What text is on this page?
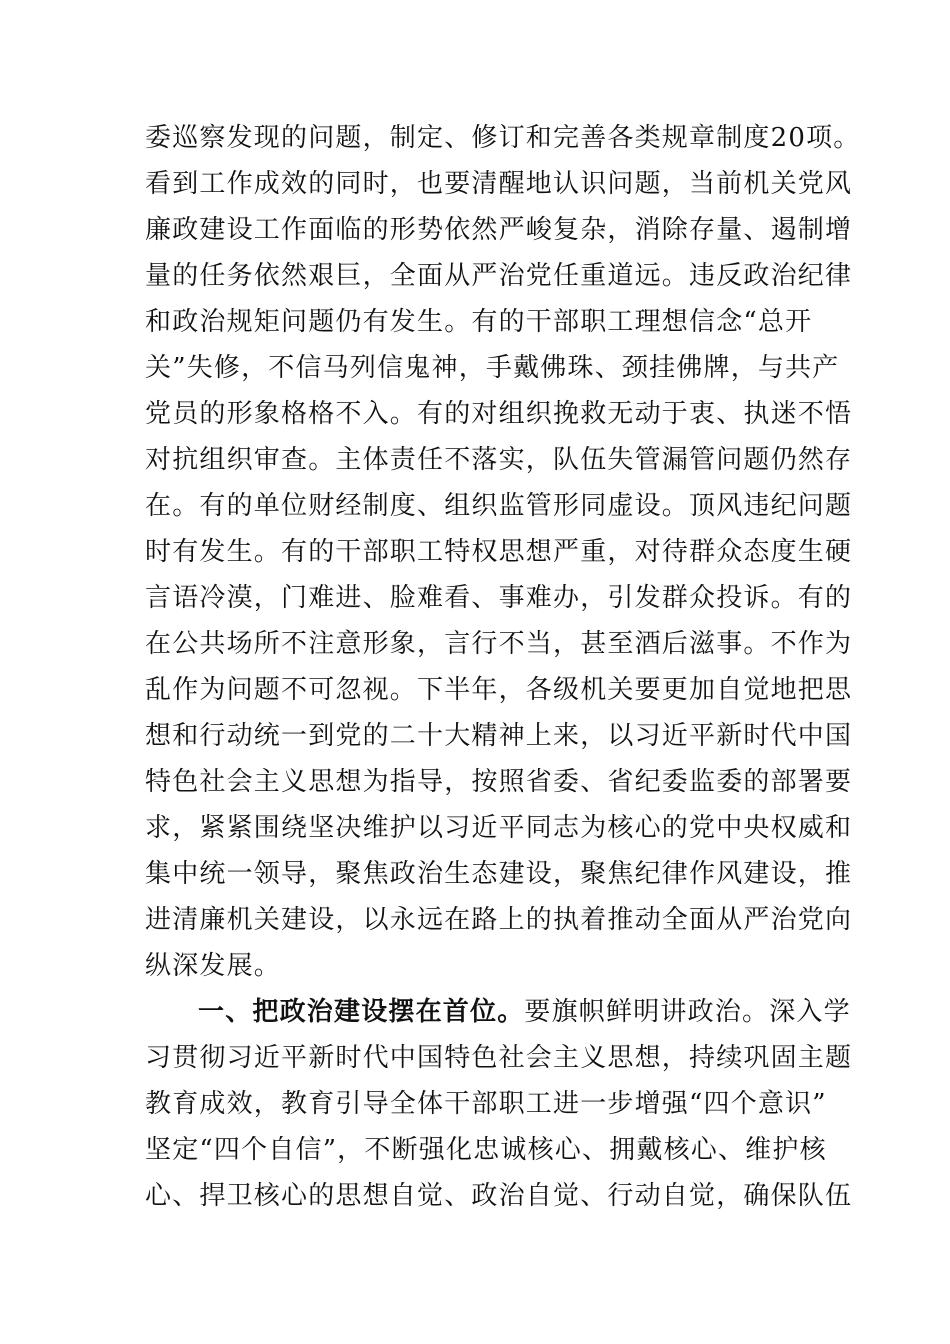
委巡察发现的问题，制定、修订和完善各类规章制度20项。
看到工作成效的同时，也要清醒地认识问题，当前机关党风
廉政建设工作面临的形势依然严峻复杂，消除存量、遏制增
量的任务依然艰巨，全面从严治党任重道远。违反政治纪律
和政治规矩问题仍有发生。有的干部职工理想信念“总开
关”失修，不信马列信鬼神，手戴佛珠、颈挂佛牌，与共产
党员的形象格格不入。有的对组织挽救无动于衷、执迷不悟
对抗组织审查。主体责任不落实，队伍失管漏管问题仍然存
在。有的单位财经制度、组织监管形同虚设。顶风违纪问题
时有发生。有的干部职工特权思想严重，对待群众态度生硬
言语冷漠，门难进、脸难看、事难办，引发群众投诉。有的
在公共场所不注意形象，言行不当，甚至酒后滋事。不作为
乱作为问题不可忽视。下半年，各级机关要更加自觉地把思
想和行动统一到党的二十大精神上来，以习近平新时代中国
特色社会主义思想为指导，按照省委、省纪委监委的部署要
求，紧紧围绕坚决维护以习近平同志为核心的党中央权威和
集中统一领导，聚焦政治生态建设，聚焦纪律作风建设，推
进清廉机关建设，以永远在路上的执着推动全面从严治党向
纵深发展。
一、把政治建设摆在首位。要旗帜鲜明讲政治。深入学
习贯彻习近平新时代中国特色社会主义思想，持续巩固主题
教育成效，教育引导全体干部职工进一步增强“四个意识”
坚定“四个自信”，不断强化忠诚核心、拥戴核心、维护核
心、捍卫核心的思想自觉、政治自觉、行动自觉，确保队伍
